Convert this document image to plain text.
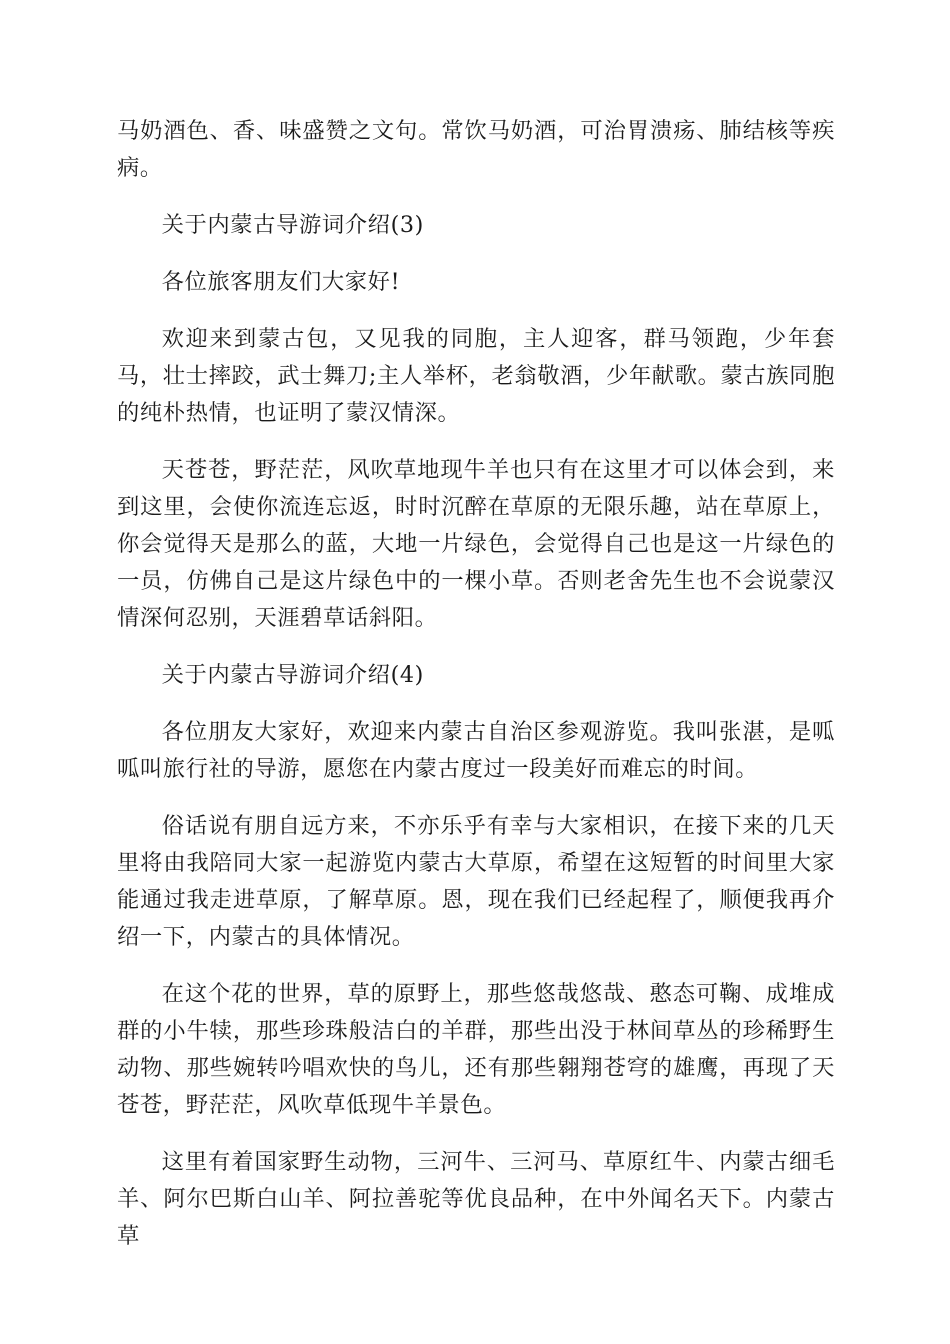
马奶酒色、香、味盛赞之文句。常饮马奶酒，可治胃溃疡、肺结核等疾病。

关于内蒙古导游词介绍(3)

各位旅客朋友们大家好!

欢迎来到蒙古包，又见我的同胞，主人迎客，群马领跑，少年套马，壮士摔跤，武士舞刀;主人举杯，老翁敬酒，少年献歌。蒙古族同胞的纯朴热情，也证明了蒙汉情深。

天苍苍，野茫茫，风吹草地现牛羊也只有在这里才可以体会到，来到这里，会使你流连忘返，时时沉醉在草原的无限乐趣，站在草原上，你会觉得天是那么的蓝，大地一片绿色，会觉得自己也是这一片绿色的一员，仿佛自己是这片绿色中的一棵小草。否则老舍先生也不会说蒙汉情深何忍别，天涯碧草话斜阳。

关于内蒙古导游词介绍(4)

各位朋友大家好，欢迎来内蒙古自治区参观游览。我叫张湛，是呱呱叫旅行社的导游，愿您在内蒙古度过一段美好而难忘的时间。

俗话说有朋自远方来，不亦乐乎有幸与大家相识，在接下来的几天里将由我陪同大家一起游览内蒙古大草原，希望在这短暂的时间里大家能通过我走进草原，了解草原。恩，现在我们已经起程了，顺便我再介绍一下，内蒙古的具体情况。

在这个花的世界，草的原野上，那些悠哉悠哉、憨态可鞠、成堆成群的小牛犊，那些珍珠般洁白的羊群，那些出没于林间草丛的珍稀野生动物、那些婉转吟唱欢快的鸟儿，还有那些翱翔苍穹的雄鹰，再现了天苍苍，野茫茫，风吹草低现牛羊景色。

这里有着国家野生动物，三河牛、三河马、草原红牛、内蒙古细毛羊、阿尔巴斯白山羊、阿拉善驼等优良品种，在中外闻名天下。内蒙古草
